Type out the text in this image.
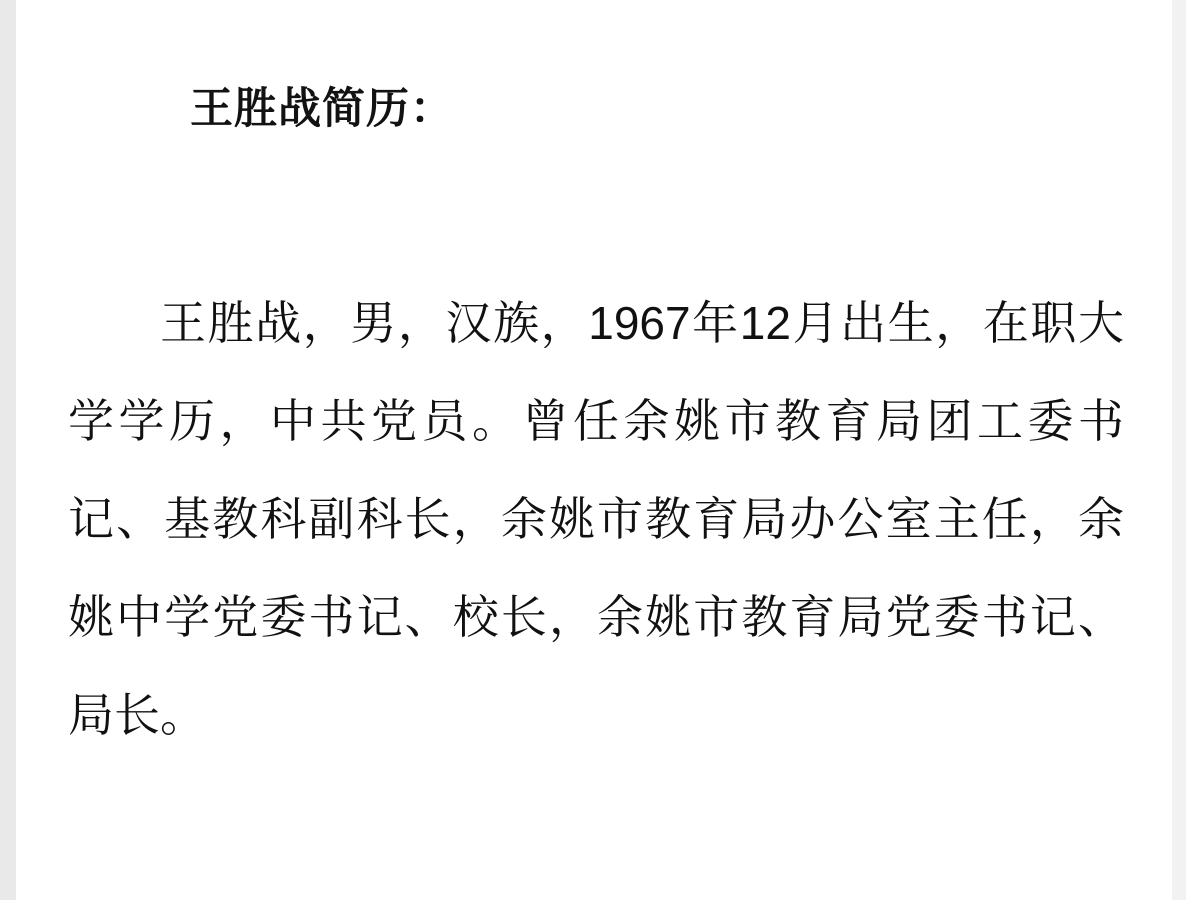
王胜战简历：

王胜战，男，汉族，1967年12月出生，在职大学学历，中共党员。曾任余姚市教育局团工委书记、基教科副科长，余姚市教育局办公室主任，余姚中学党委书记、校长，余姚市教育局党委书记、局长。
